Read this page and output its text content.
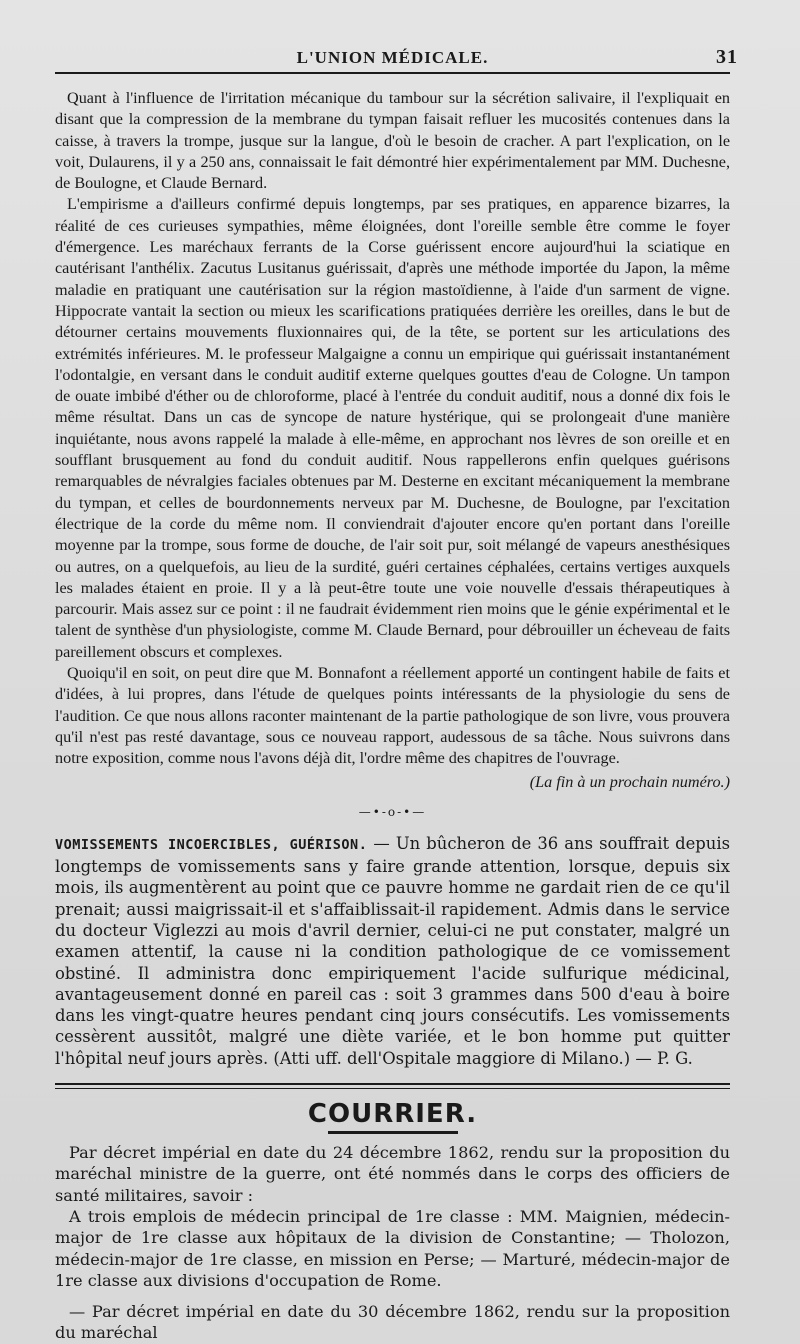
L'UNION MÉDICALE.	31

Quant à l'influence de l'irritation mécanique du tambour sur la sécrétion salivaire, il l'expliquait en disant que la compression de la membrane du tympan faisait refluer les mucosités contenues dans la caisse, à travers la trompe, jusque sur la langue, d'où le besoin de cracher. A part l'explication, on le voit, Dulaurens, il y a 250 ans, connaissait le fait démontré hier expérimentalement par MM. Duchesne, de Boulogne, et Claude Bernard.

L'empirisme a d'ailleurs confirmé depuis longtemps, par ses pratiques, en apparence bizarres, la réalité de ces curieuses sympathies, même éloignées, dont l'oreille semble être comme le foyer d'émergence. Les maréchaux ferrants de la Corse guérissent encore aujourd'hui la sciatique en cautérisant l'anthélix. Zacutus Lusitanus guérissait, d'après une méthode importée du Japon, la même maladie en pratiquant une cautérisation sur la région mastoïdienne, à l'aide d'un sarment de vigne. Hippocrate vantait la section ou mieux les scarifications pratiquées derrière les oreilles, dans le but de détourner certains mouvements fluxionnaires qui, de la tête, se portent sur les articulations des extrémités inférieures. M. le professeur Malgaigne a connu un empirique qui guérissait instantanément l'odontalgie, en versant dans le conduit auditif externe quelques gouttes d'eau de Cologne. Un tampon de ouate imbibé d'éther ou de chloroforme, placé à l'entrée du conduit auditif, nous a donné dix fois le même résultat. Dans un cas de syncope de nature hystérique, qui se prolongeait d'une manière inquiétante, nous avons rappelé la malade à elle-même, en approchant nos lèvres de son oreille et en soufflant brusquement au fond du conduit auditif. Nous rappellerons enfin quelques guérisons remarquables de névralgies faciales obtenues par M. Desterne en excitant mécaniquement la membrane du tympan, et celles de bourdonnements nerveux par M. Duchesne, de Boulogne, par l'excitation électrique de la corde du même nom. Il conviendrait d'ajouter encore qu'en portant dans l'oreille moyenne par la trompe, sous forme de douche, de l'air soit pur, soit mélangé de vapeurs anesthésiques ou autres, on a quelquefois, au lieu de la surdité, guéri certaines céphalées, certains vertiges auxquels les malades étaient en proie. Il y a là peut-être toute une voie nouvelle d'essais thérapeutiques à parcourir. Mais assez sur ce point : il ne faudrait évidemment rien moins que le génie expérimental et le talent de synthèse d'un physiologiste, comme M. Claude Bernard, pour débrouiller un écheveau de faits pareillement obscurs et complexes.

Quoiqu'il en soit, on peut dire que M. Bonnafont a réellement apporté un contingent habile de faits et d'idées, à lui propres, dans l'étude de quelques points intéressants de la physiologie du sens de l'audition. Ce que nous allons raconter maintenant de la partie pathologique de son livre, vous prouvera qu'il n'est pas resté davantage, sous ce nouveau rapport, audessous de sa tâche. Nous suivrons dans notre exposition, comme nous l'avons déjà dit, l'ordre même des chapitres de l'ouvrage.

(La fin à un prochain numéro.)
—•-o-•—
VOMISSEMENTS INCOERCIBLES, GUÉRISON. — Un bûcheron de 36 ans souffrait depuis longtemps de vomissements sans y faire grande attention, lorsque, depuis six mois, ils augmentèrent au point que ce pauvre homme ne gardait rien de ce qu'il prenait; aussi maigrissait-il et s'affaiblissait-il rapidement. Admis dans le service du docteur Viglezzi au mois d'avril dernier, celui-ci ne put constater, malgré un examen attentif, la cause ni la condition pathologique de ce vomissement obstiné. Il administra donc empiriquement l'acide sulfurique médicinal, avantageusement donné en pareil cas : soit 3 grammes dans 500 d'eau à boire dans les vingt-quatre heures pendant cinq jours consécutifs. Les vomissements cessèrent aussitôt, malgré une diète variée, et le bon homme put quitter l'hôpital neuf jours après. (Atti uff. dell'Ospitale maggiore di Milano.) — P. G.
COURRIER.

Par décret impérial en date du 24 décembre 1862, rendu sur la proposition du maréchal ministre de la guerre, ont été nommés dans le corps des officiers de santé militaires, savoir :

A trois emplois de médecin principal de 1re classe : MM. Maignien, médecin-major de 1re classe aux hôpitaux de la division de Constantine; — Tholozon, médecin-major de 1re classe, en mission en Perse; — Marturé, médecin-major de 1re classe aux divisions d'occupation de Rome.

— Par décret impérial en date du 30 décembre 1862, rendu sur la proposition du maréchal
